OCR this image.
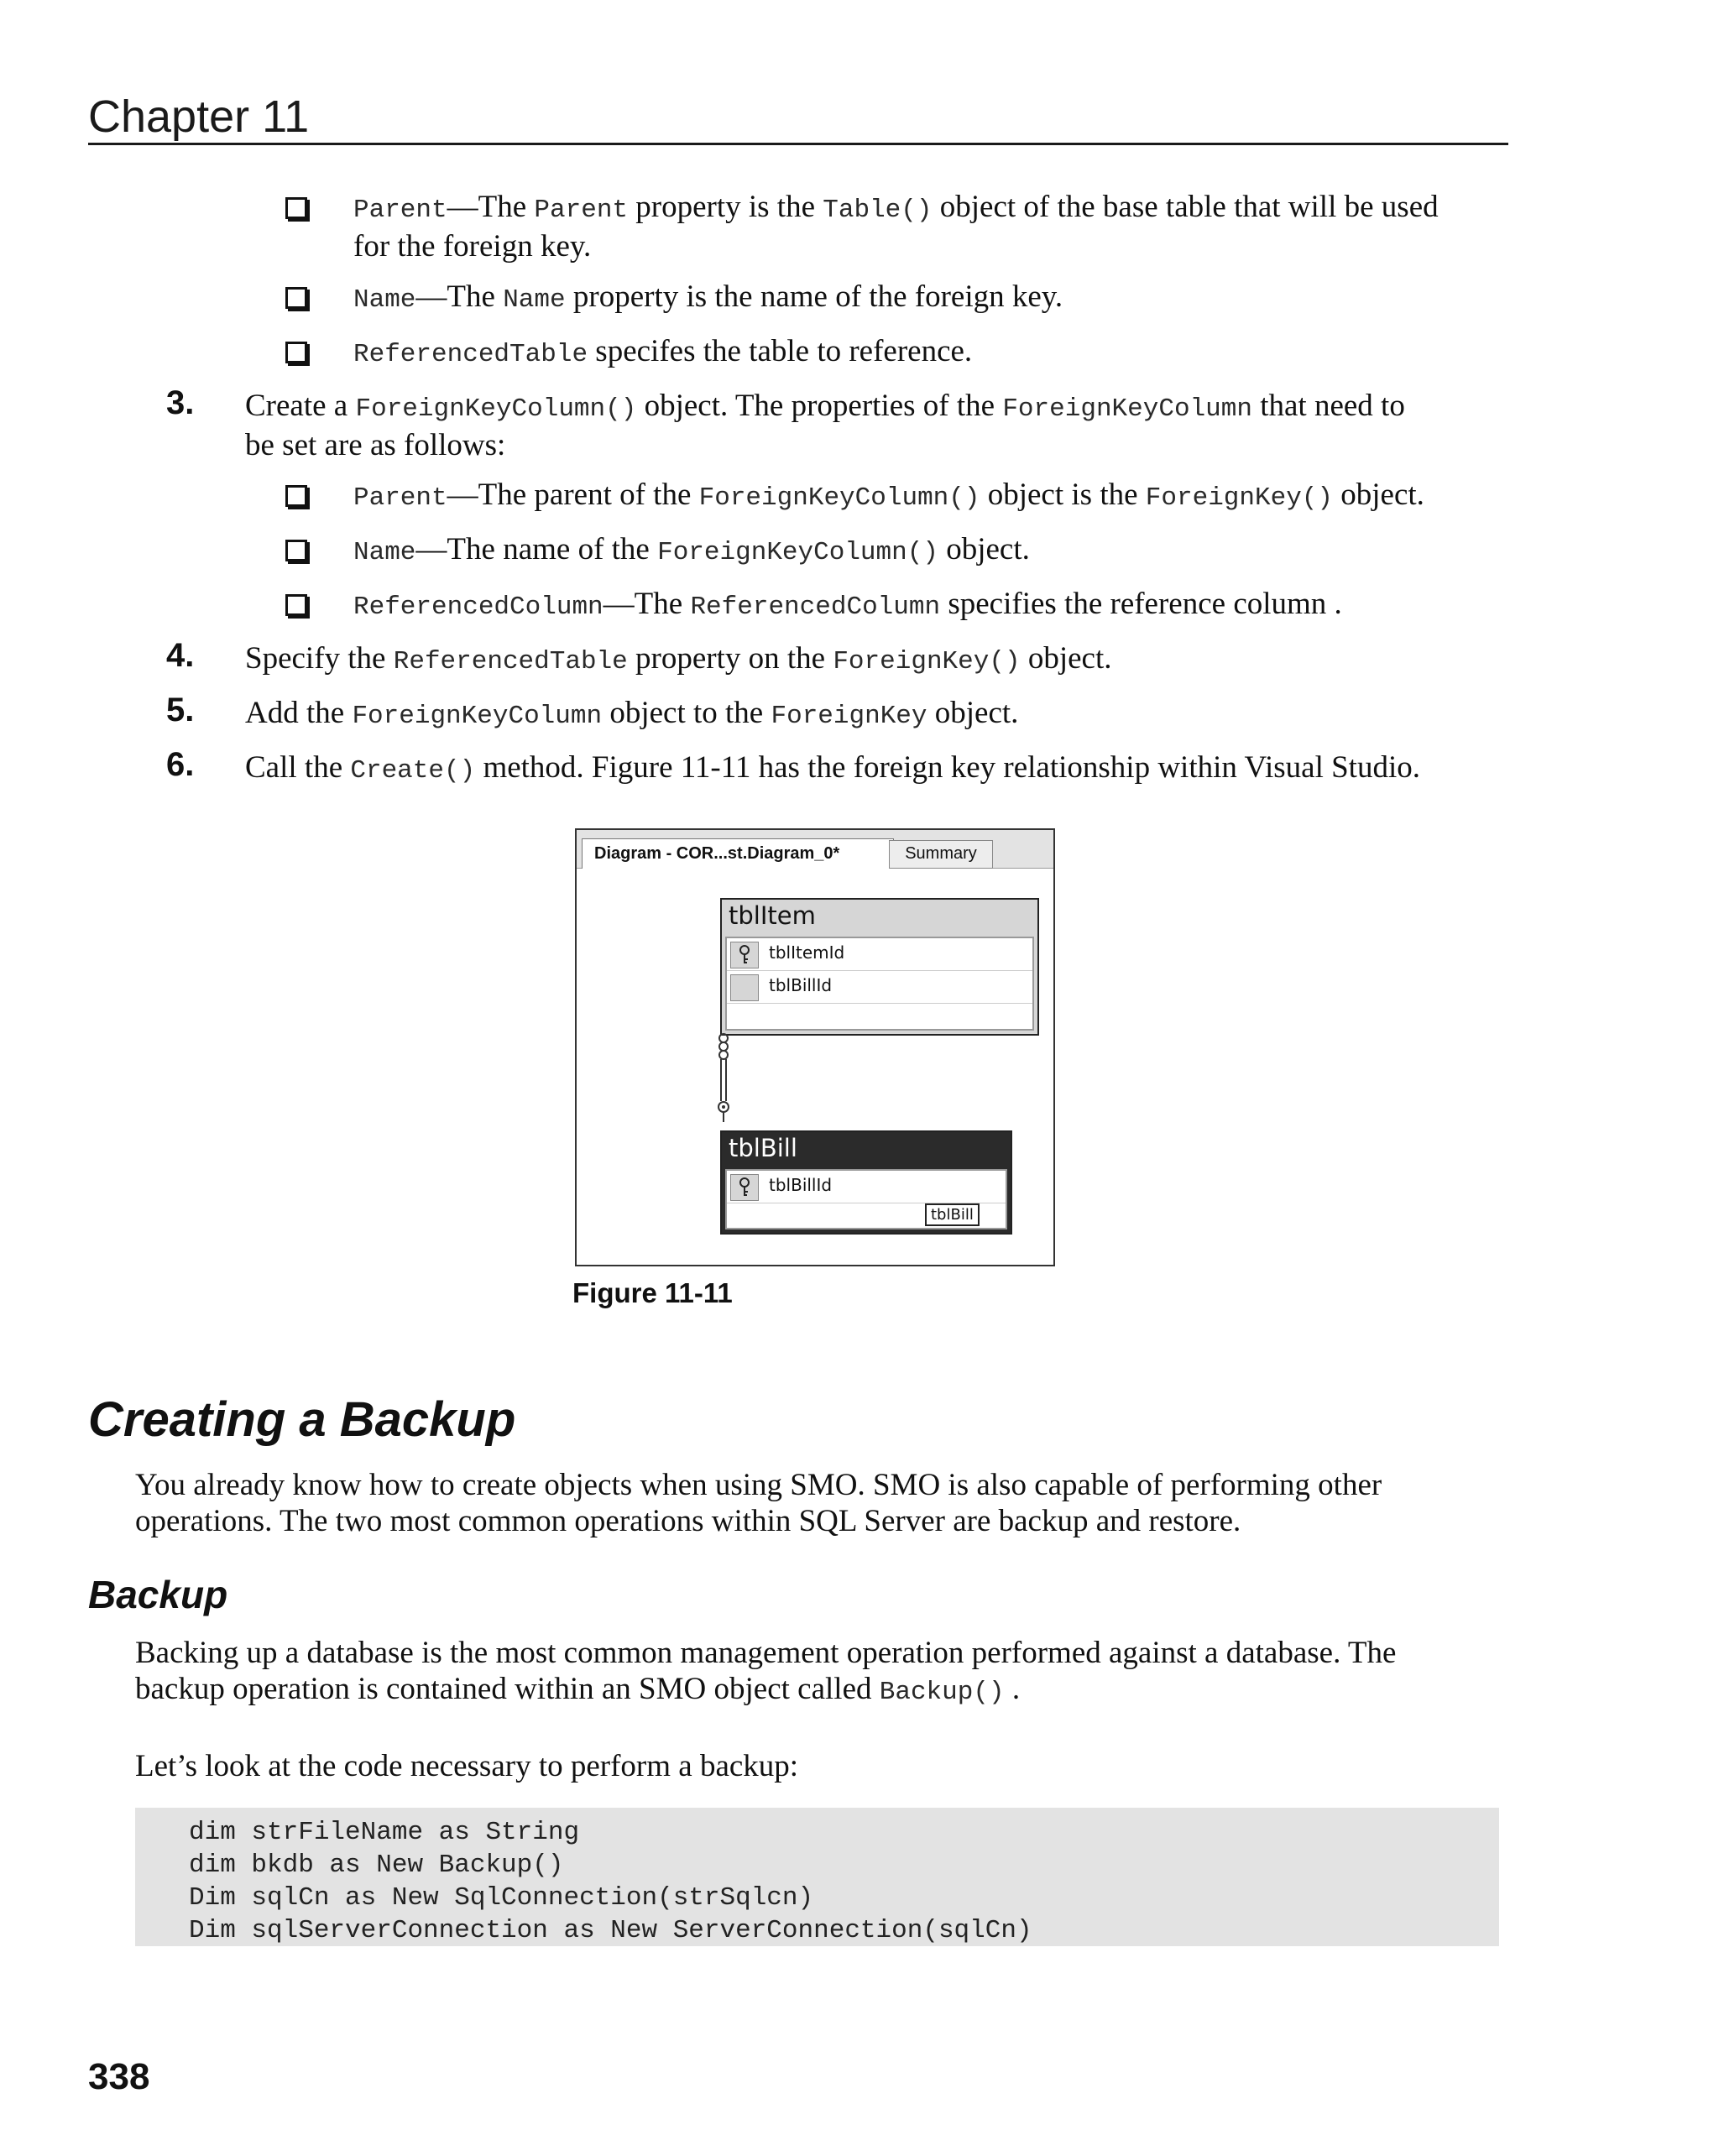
Chapter 11
Parent—The Parent property is the Table() object of the base table that will be used
for the foreign key.
Name—The Name property is the name of the foreign key.
ReferencedTable specifes the table to reference.
3. Create a ForeignKeyColumn() object. The properties of the ForeignKeyColumn that need to
be set are as follows:
Parent—The parent of the ForeignKeyColumn() object is the ForeignKey() object.
Name—The name of the ForeignKeyColumn() object.
ReferencedColumn—The ReferencedColumn specifies the reference column .
4. Specify the ReferencedTable property on the ForeignKey() object.
5. Add the ForeignKeyColumn object to the ForeignKey object.
6. Call the Create() method. Figure 11-11 has the foreign key relationship within Visual Studio.
Diagram - COR...st.Diagram_0*	Summary
tblItem
tblItemId
tblBillId
tblBill
tblBillId
tblBill
Figure 11-11
Creating a Backup
You already know how to create objects when using SMO. SMO is also capable of performing other
operations. The two most common operations within SQL Server are backup and restore.
Backup
Backing up a database is the most common management operation performed against a database. The
backup operation is contained within an SMO object called Backup() .
Let’s look at the code necessary to perform a backup:
dim strFileName as String
dim bkdb as New Backup()
Dim sqlCn as New SqlConnection(strSqlcn)
Dim sqlServerConnection as New ServerConnection(sqlCn)
338
